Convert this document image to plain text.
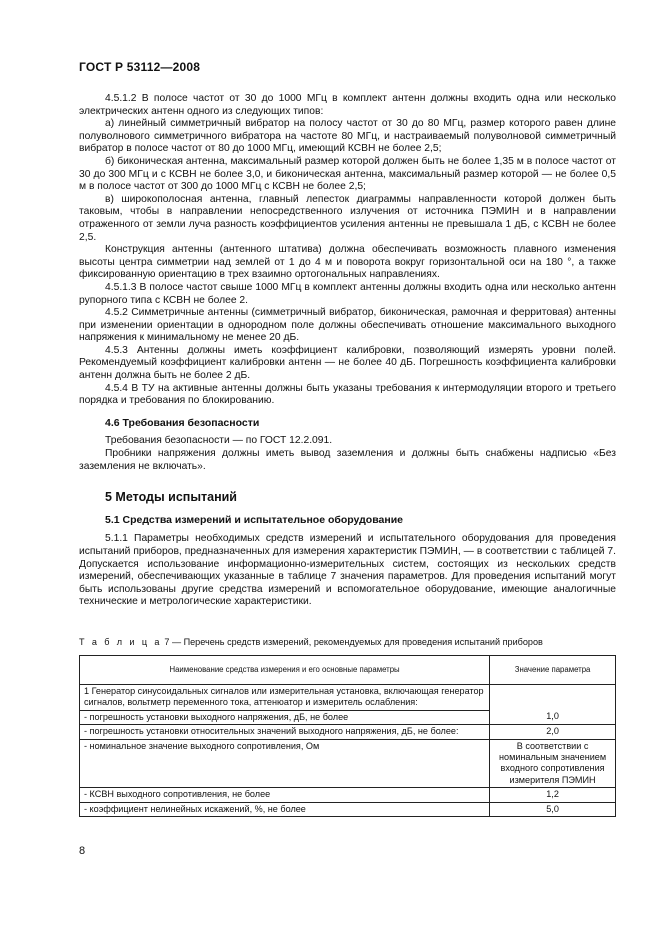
ГОСТ Р 53112—2008

4.5.1.2 В полосе частот от 30 до 1000 МГц в комплект антенн должны входить одна или несколько электрических антенн одного из следующих типов:

а) линейный симметричный вибратор на полосу частот от 30 до 80 МГц, размер которого равен длине полуволнового симметричного вибратора на частоте 80 МГц, и настраиваемый полуволновой симметричный вибратор в полосе частот от 80 до 1000 МГц, имеющий КСВН не более 2,5;

б) биконическая антенна, максимальный размер которой должен быть не более 1,35 м в полосе частот от 30 до 300 МГц и с КСВН не более 3,0, и биконическая антенна, максимальный размер которой — не более 0,5 м в полосе частот от 300 до 1000 МГц с КСВН не более 2,5;

в) широкополосная антенна, главный лепесток диаграммы направленности которой должен быть таковым, чтобы в направлении непосредственного излучения от источника ПЭМИН и в направлении отраженного от земли луча разность коэффициентов усиления антенны не превышала 1 дБ, с КСВН не более 2,5.

Конструкция антенны (антенного штатива) должна обеспечивать возможность плавного изменения высоты центра симметрии над землей от 1 до 4 м и поворота вокруг горизонтальной оси на 180 °, а также фиксированную ориентацию в трех взаимно ортогональных направлениях.

4.5.1.3 В полосе частот свыше 1000 МГц в комплект антенны должны входить одна или несколько антенн рупорного типа с КСВН не более 2.

4.5.2 Симметричные антенны (симметричный вибратор, биконическая, рамочная и ферритовая) антенны при изменении ориентации в однородном поле должны обеспечивать отношение максимального выходного напряжения к минимальному не менее 20 дБ.

4.5.3 Антенны должны иметь коэффициент калибровки, позволяющий измерять уровни полей. Рекомендуемый коэффициент калибровки антенн — не более 40 дБ. Погрешность коэффициента калибровки антенн должна быть не более 2 дБ.

4.5.4 В ТУ на активные антенны должны быть указаны требования к интермодуляции второго и третьего порядка и требования по блокированию.

4.6 Требования безопасности

Требования безопасности — по ГОСТ 12.2.091.

Пробники напряжения должны иметь вывод заземления и должны быть снабжены надписью «Без заземления не включать».

5 Методы испытаний

5.1 Средства измерений и испытательное оборудование

5.1.1 Параметры необходимых средств измерений и испытательного оборудования для проведения испытаний приборов, предназначенных для измерения характеристик ПЭМИН, — в соответствии с таблицей 7. Допускается использование информационно-измерительных систем, состоящих из нескольких средств измерений, обеспечивающих указанные в таблице 7 значения параметров. Для проведения испытаний могут быть использованы другие средства измерений и вспомогательное оборудование, имеющие аналогичные технические и метрологические характеристики.

Т а б л и ц а 7 — Перечень средств измерений, рекомендуемых для проведения испытаний приборов
Наименование средства измерения и его основные параметры	Значение параметра
1 Генератор синусоидальных сигналов или измерительная установка, включающая генератор сигналов, вольтметр переменного тока, аттенюатор и измеритель ослабления:	
- погрешность установки выходного напряжения, дБ, не более	1,0
- погрешность установки относительных значений выходного напряжения, дБ, не более:	2,0
- номинальное значение выходного сопротивления, Ом	В соответствии с номинальным значением входного сопротивления измерителя ПЭМИН
- КСВН выходного сопротивления, не более	1,2
- коэффициент нелинейных искажений, %, не более	5,0
8
